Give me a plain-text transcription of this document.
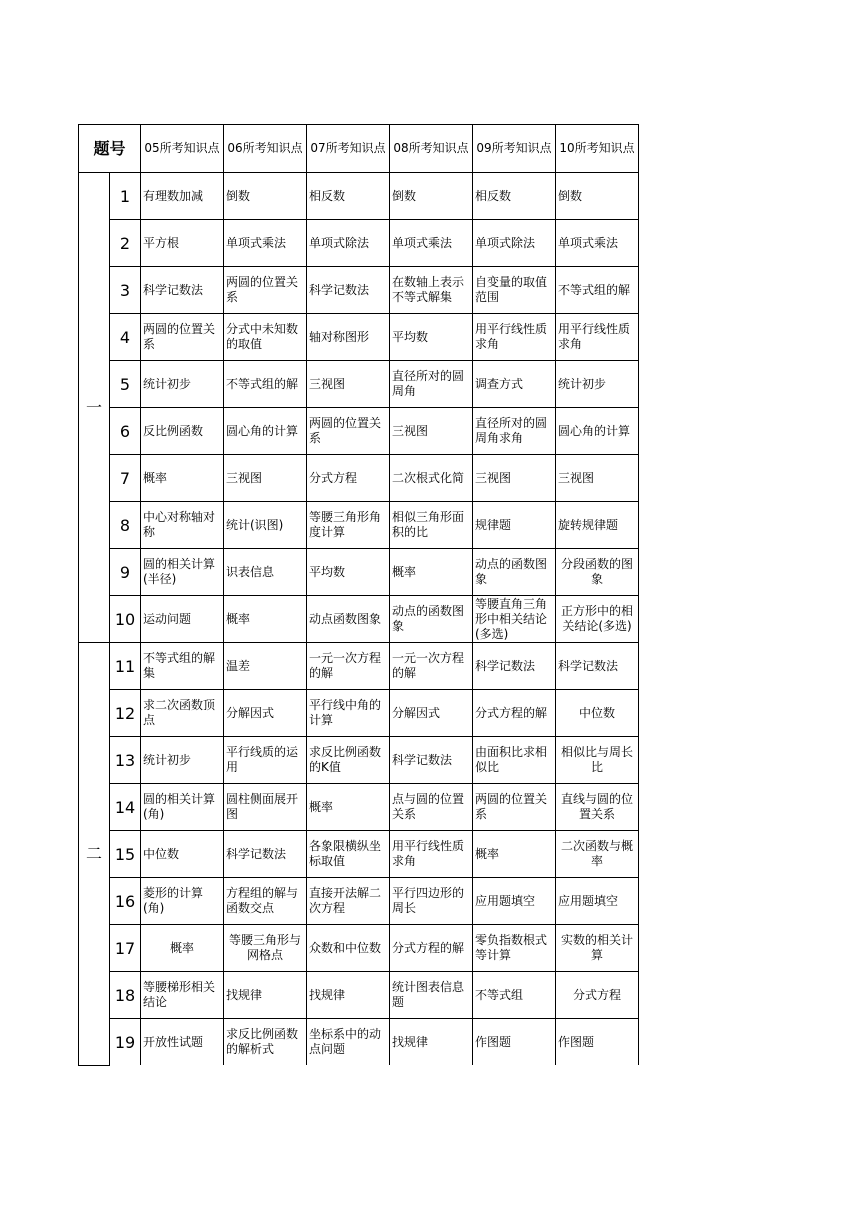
题号		05所考知识点	06所考知识点	07所考知识点	08所考知识点	09所考知识点	10所考知识点
一	1	有理数加减	倒数	相反数	倒数	相反数	倒数

	2	平方根	单项式乘法	单项式除法	单项式乘法	单项式除法	单项式乘法

	3	科学记数法	两圆的位置关系	科学记数法	在数轴上表示不等式解集	自变量的取值范围	不等式组的解

	4	两圆的位置关系	分式中未知数的取值	轴对称图形	平均数	用平行线性质求角	用平行线性质求角

	5	统计初步	不等式组的解	三视图	直径所对的圆周角	调查方式	统计初步

	6	反比例函数	圆心角的计算	两圆的位置关系	三视图	直径所对的圆周角求角	圆心角的计算

	7	概率	三视图	分式方程	二次根式化简	三视图	三视图

	8	中心对称轴对称	统计(识图)	等腰三角形角度计算	相似三角形面积的比	规律题	旋转规律题

	9	圆的相关计算(半径)	识表信息	平均数	概率	动点的函数图象	分段函数的图象

	10	运动问题	概率	动点函数图象	动点的函数图象	等腰直角三角形中相关结论(多选)	正方形中的相关结论(多选)

二	11	不等式组的解集	温差	一元一次方程的解	一元一次方程的解	科学记数法	科学记数法

	12	求二次函数顶点	分解因式	平行线中角的计算	分解因式	分式方程的解	中位数

	13	统计初步	平行线质的运用	求反比例函数的K值	科学记数法	由面积比求相似比	相似比与周长比

	14	圆的相关计算(角)	圆柱侧面展开图	概率	点与圆的位置关系	两圆的位置关系	直线与圆的位置关系

	15	中位数	科学记数法	各象限横纵坐标取值	用平行线性质求角	概率	二次函数与概率

	16	菱形的计算(角)	方程组的解与函数交点	直接开法解二次方程	平行四边形的周长	应用题填空	应用题填空

	17	概率	等腰三角形与网格点	众数和中位数	分式方程的解	零负指数根式等计算	实数的相关计算

	18	等腰梯形相关结论	找规律	找规律	统计图表信息题	不等式组	分式方程

	19	开放性试题	求反比例函数的解析式	坐标系中的动点问题	找规律	作图题	作图题
